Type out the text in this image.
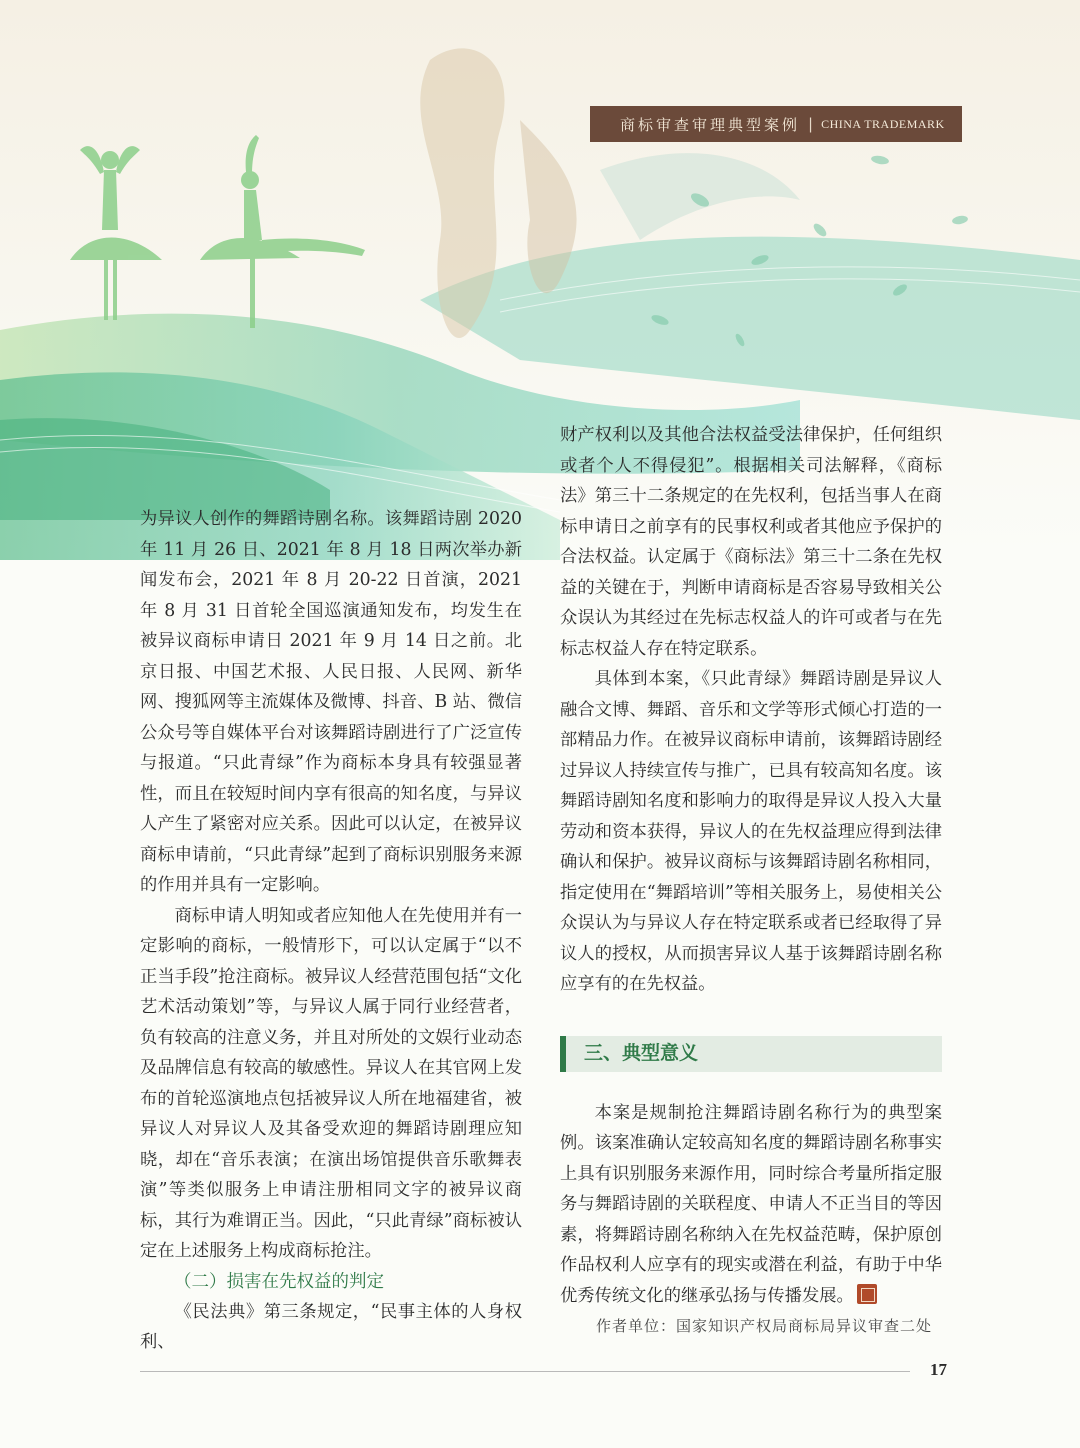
商标审查审理典型案例 | CHINA TRADEMARK

为异议人创作的舞蹈诗剧名称。该舞蹈诗剧 2020 年 11 月 26 日、2021 年 8 月 18 日两次举办新闻发布会，2021 年 8 月 20-22 日首演，2021 年 8 月 31 日首轮全国巡演通知发布，均发生在被异议商标申请日 2021 年 9 月 14 日之前。北京日报、中国艺术报、人民日报、人民网、新华网、搜狐网等主流媒体及微博、抖音、B 站、微信公众号等自媒体平台对该舞蹈诗剧进行了广泛宣传与报道。“只此青绿”作为商标本身具有较强显著性，而且在较短时间内享有很高的知名度，与异议人产生了紧密对应关系。因此可以认定，在被异议商标申请前，“只此青绿”起到了商标识别服务来源的作用并具有一定影响。

商标申请人明知或者应知他人在先使用并有一定影响的商标，一般情形下，可以认定属于“以不正当手段”抢注商标。被异议人经营范围包括“文化艺术活动策划”等，与异议人属于同行业经营者，负有较高的注意义务，并且对所处的文娱行业动态及品牌信息有较高的敏感性。异议人在其官网上发布的首轮巡演地点包括被异议人所在地福建省，被异议人对异议人及其备受欢迎的舞蹈诗剧理应知晓，却在“音乐表演；在演出场馆提供音乐歌舞表演”等类似服务上申请注册相同文字的被异议商标，其行为难谓正当。因此，“只此青绿”商标被认定在上述服务上构成商标抢注。

（二）损害在先权益的判定

《民法典》第三条规定，“民事主体的人身权利、

财产权利以及其他合法权益受法律保护，任何组织或者个人不得侵犯”。根据相关司法解释，《商标法》第三十二条规定的在先权利，包括当事人在商标申请日之前享有的民事权利或者其他应予保护的合法权益。认定属于《商标法》第三十二条在先权益的关键在于，判断申请商标是否容易导致相关公众误认为其经过在先标志权益人的许可或者与在先标志权益人存在特定联系。

具体到本案，《只此青绿》舞蹈诗剧是异议人融合文博、舞蹈、音乐和文学等形式倾心打造的一部精品力作。在被异议商标申请前，该舞蹈诗剧经过异议人持续宣传与推广，已具有较高知名度。该舞蹈诗剧知名度和影响力的取得是异议人投入大量劳动和资本获得，异议人的在先权益理应得到法律确认和保护。被异议商标与该舞蹈诗剧名称相同，指定使用在“舞蹈培训”等相关服务上，易使相关公众误认为与异议人存在特定联系或者已经取得了异议人的授权，从而损害异议人基于该舞蹈诗剧名称应享有的在先权益。

三、典型意义

本案是规制抢注舞蹈诗剧名称行为的典型案例。该案准确认定较高知名度的舞蹈诗剧名称事实上具有识别服务来源作用，同时综合考量所指定服务与舞蹈诗剧的关联程度、申请人不正当目的等因素，将舞蹈诗剧名称纳入在先权益范畴，保护原创作品权利人应享有的现实或潜在利益，有助于中华优秀传统文化的继承弘扬与传播发展。

作者单位：国家知识产权局商标局异议审查二处

17
